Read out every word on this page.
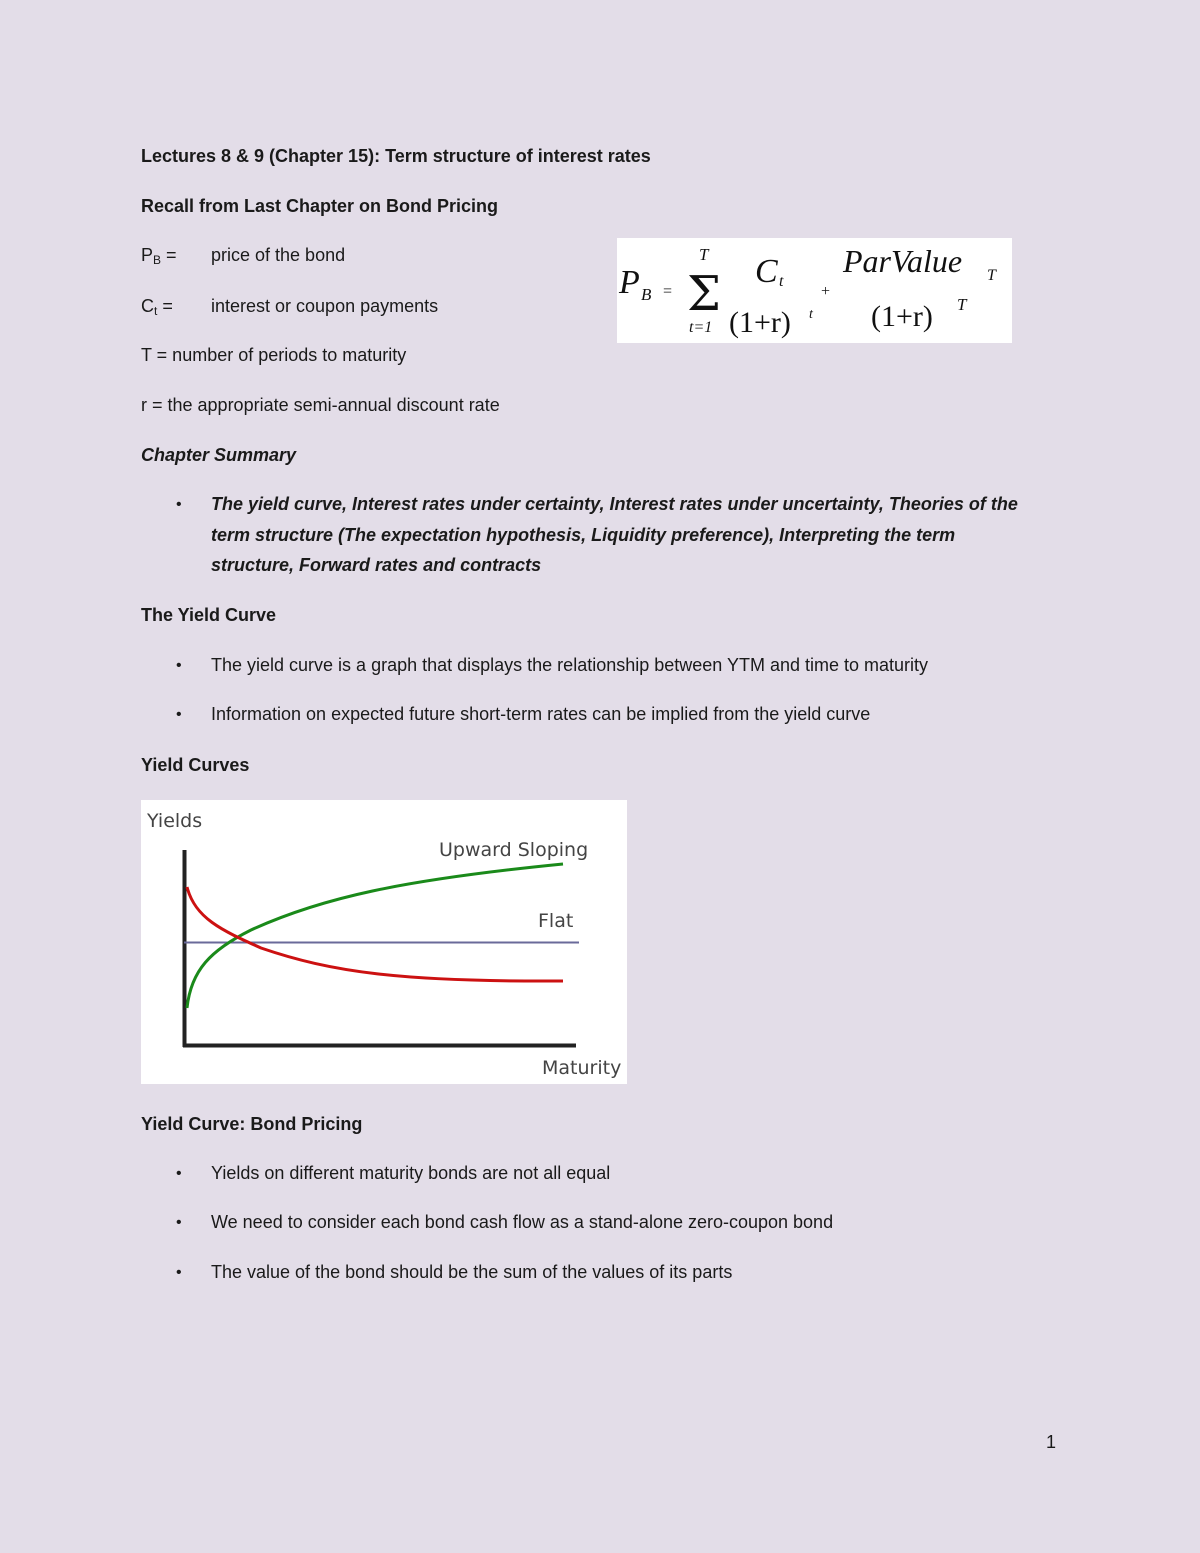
Lectures 8 & 9 (Chapter 15): Term structure of interest rates
Recall from Last Chapter on Bond Pricing
$P_B$ = price of the bond
$C_t$ = interest or coupon payments
T = number of periods to maturity
r = the appropriate semi-annual discount rate
P B =
T
Σ
t=1
C t
(1+r) t
+
ParValue T
(1+r) T
Chapter Summary
• The yield curve, Interest rates under certainty, Interest rates under uncertainty, Theories of the
term structure (The expectation hypothesis, Liquidity preference), Interpreting the term
structure, Forward rates and contracts
The Yield Curve
• The yield curve is a graph that displays the relationship between YTM and time to maturity
• Information on expected future short-term rates can be implied from the yield curve
Yield Curves
Yields
Maturity
Upward Sloping
Flat
Yield Curve: Bond Pricing
• Yields on different maturity bonds are not all equal
• We need to consider each bond cash flow as a stand-alone zero-coupon bond
• The value of the bond should be the sum of the values of its parts
1
